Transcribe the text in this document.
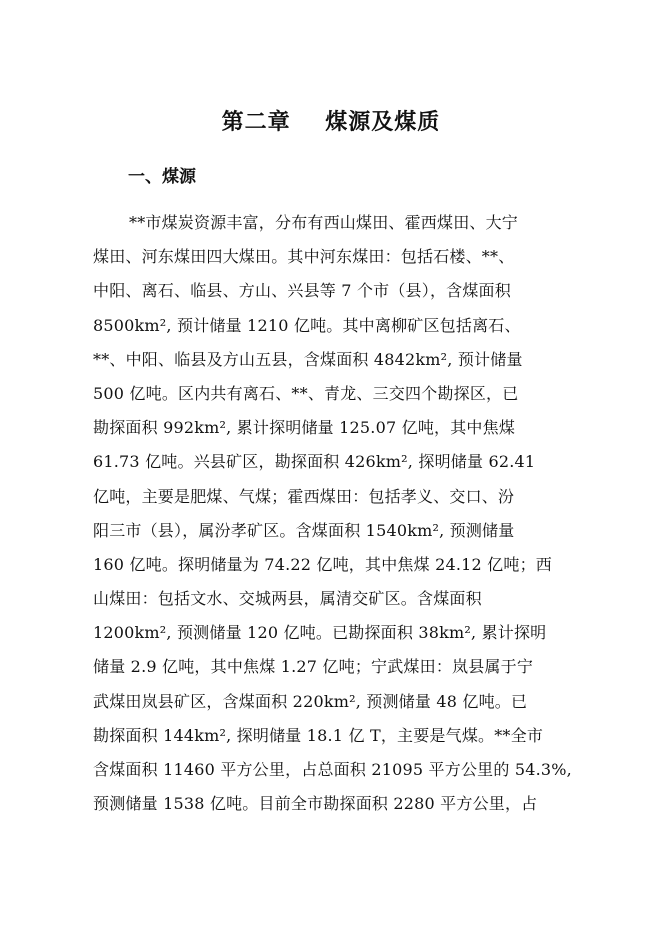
第二章    煤源及煤质
一、煤源
**市煤炭资源丰富，分布有西山煤田、霍西煤田、大宁
煤田、河东煤田四大煤田。其中河东煤田：包括石楼、**、
中阳、离石、临县、方山、兴县等 7 个市（县），含煤面积
8500km², 预计储量 1210 亿吨。其中离柳矿区包括离石、
**、中阳、临县及方山五县，含煤面积 4842km², 预计储量
500 亿吨。区内共有离石、**、青龙、三交四个勘探区，已
勘探面积 992km², 累计探明储量 125.07 亿吨，其中焦煤
61.73 亿吨。兴县矿区，勘探面积 426km², 探明储量 62.41
亿吨，主要是肥煤、气煤；霍西煤田：包括孝义、交口、汾
阳三市（县），属汾孝矿区。含煤面积 1540km², 预测储量
160 亿吨。探明储量为 74.22 亿吨，其中焦煤 24.12 亿吨；西
山煤田：包括文水、交城两县，属清交矿区。含煤面积
1200km², 预测储量 120 亿吨。已勘探面积 38km², 累计探明
储量 2.9 亿吨，其中焦煤 1.27 亿吨；宁武煤田：岚县属于宁
武煤田岚县矿区，含煤面积 220km², 预测储量 48 亿吨。已
勘探面积 144km², 探明储量 18.1 亿 T，主要是气煤。**全市
含煤面积 11460 平方公里，占总面积 21095 平方公里的 54.3%,
预测储量 1538 亿吨。目前全市勘探面积 2280 平方公里，占
